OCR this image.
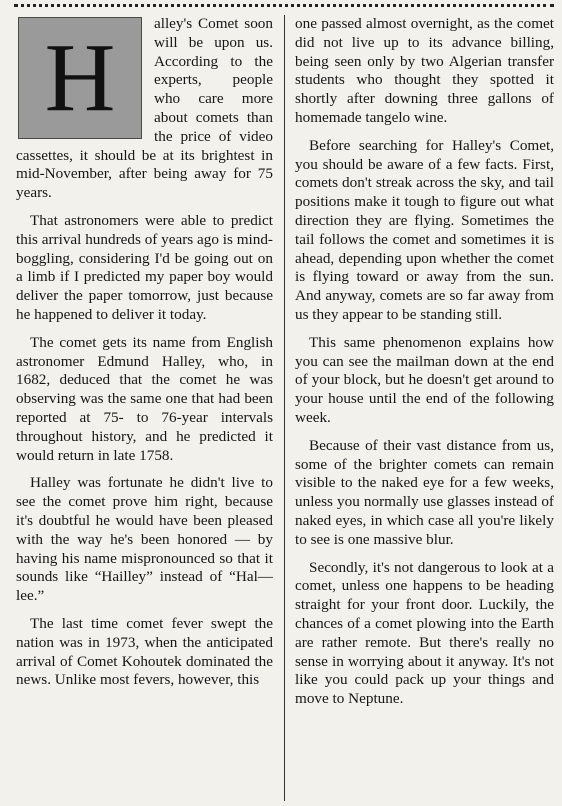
H

alley's Comet soon will be upon us. According to the experts, people who care more about comets than the price of video cassettes, it should be at its brightest in mid-November, after being away for 75 years.

That astronomers were able to predict this arrival hundreds of years ago is mind-boggling, considering I'd be going out on a limb if I predicted my paper boy would deliver the paper tomorrow, just because he happened to deliver it today.

The comet gets its name from English astronomer Edmund Halley, who, in 1682, deduced that the comet he was observing was the same one that had been reported at 75- to 76-year intervals throughout history, and he predicted it would return in late 1758.

Halley was fortunate he didn't live to see the comet prove him right, because it's doubtful he would have been pleased with the way he's been honored — by having his name mispronounced so that it sounds like “Hailley” instead of “Hal—lee.”

The last time comet fever swept the nation was in 1973, when the anticipated arrival of Comet Kohoutek dominated the news. Unlike most fevers, however, this

one passed almost overnight, as the comet did not live up to its advance billing, being seen only by two Algerian transfer students who thought they spotted it shortly after downing three gallons of homemade tangelo wine.

Before searching for Halley's Comet, you should be aware of a few facts. First, comets don't streak across the sky, and tail positions make it tough to figure out what direction they are flying. Sometimes the tail follows the comet and sometimes it is ahead, depending upon whether the comet is flying toward or away from the sun. And anyway, comets are so far away from us they appear to be standing still.

This same phenomenon explains how you can see the mailman down at the end of your block, but he doesn't get around to your house until the end of the following week.

Because of their vast distance from us, some of the brighter comets can remain visible to the naked eye for a few weeks, unless you normally use glasses instead of naked eyes, in which case all you're likely to see is one massive blur.

Secondly, it's not dangerous to look at a comet, unless one happens to be heading straight for your front door. Luckily, the chances of a comet plowing into the Earth are rather remote. But there's really no sense in worrying about it anyway. It's not like you could pack up your things and move to Neptune.
